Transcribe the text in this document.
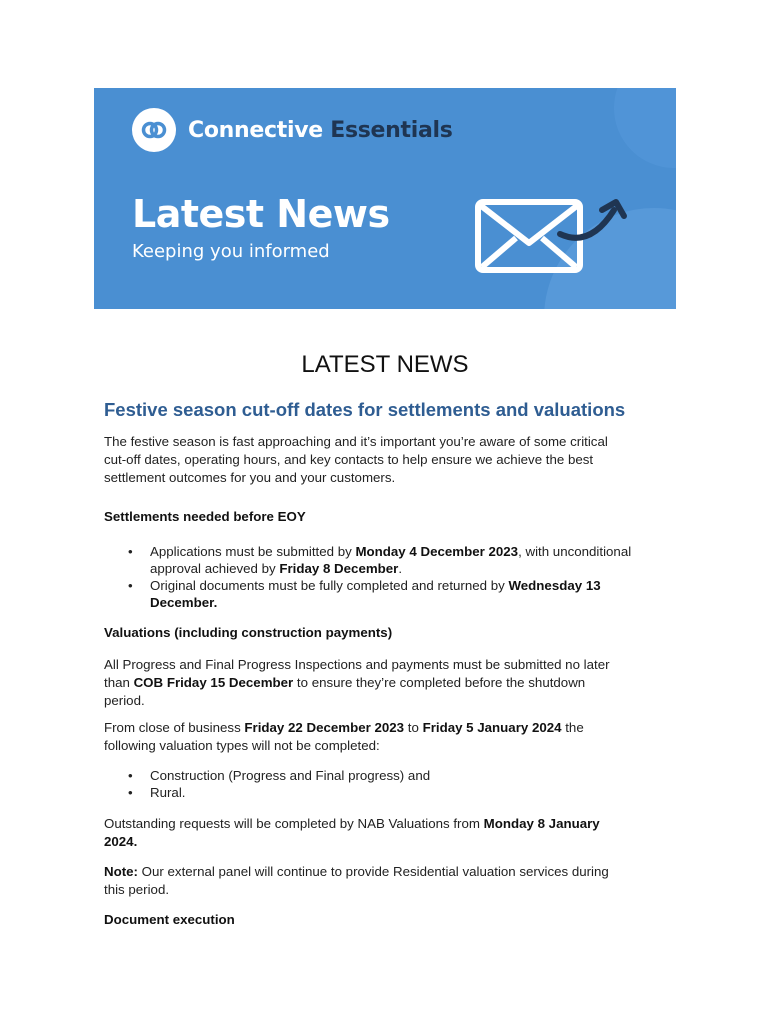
Connective Essentials
Latest News

Keeping you informed

LATEST NEWS
Festive season cut-off dates for settlements and valuations

The festive season is fast approaching and it’s important you’re aware of some critical
cut-off dates, operating hours, and key contacts to help ensure we achieve the best
settlement outcomes for you and your customers.

Settlements needed before EOY

• Applications must be submitted by Monday 4 December 2023, with unconditional
approval achieved by Friday 8 December.
• Original documents must be fully completed and returned by Wednesday 13
December.

Valuations (including construction payments)

All Progress and Final Progress Inspections and payments must be submitted no later
than COB Friday 15 December to ensure they’re completed before the shutdown
period.

From close of business Friday 22 December 2023 to Friday 5 January 2024 the
following valuation types will not be completed:

• Construction (Progress and Final progress) and
• Rural.

Outstanding requests will be completed by NAB Valuations from Monday 8 January
2024.

Note: Our external panel will continue to provide Residential valuation services during
this period.

Document execution
